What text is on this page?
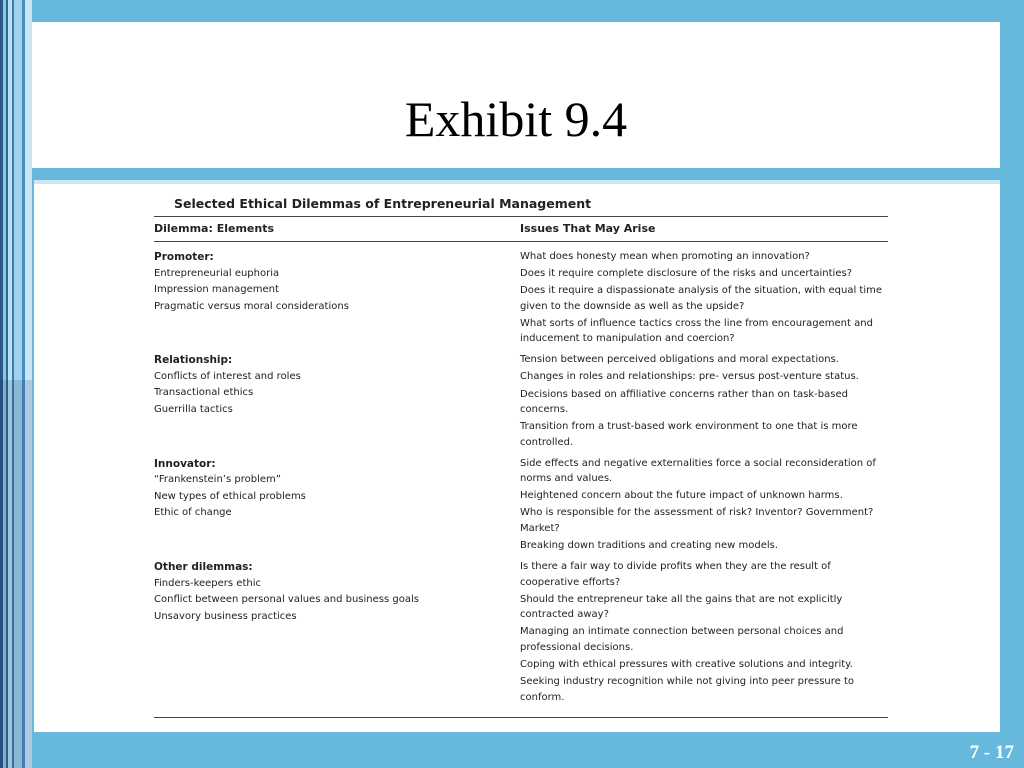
Exhibit 9.4
Selected Ethical Dilemmas of Entrepreneurial Management
Dilemma: Elements	Issues That May Arise
Promoter:
Entrepreneurial euphoria
Impression management
Pragmatic versus moral considerations
What does honesty mean when promoting an innovation?
Does it require complete disclosure of the risks and uncertainties?
Does it require a dispassionate analysis of the situation, with equal time given to the downside as well as the upside?
What sorts of influence tactics cross the line from encouragement and inducement to manipulation and coercion?
Relationship:
Conflicts of interest and roles
Transactional ethics
Guerrilla tactics
Tension between perceived obligations and moral expectations.
Changes in roles and relationships: pre- versus post-venture status.
Decisions based on affiliative concerns rather than on task-based concerns.
Transition from a trust-based work environment to one that is more controlled.
Innovator:
“Frankenstein’s problem”
New types of ethical problems
Ethic of change
Side effects and negative externalities force a social reconsideration of norms and values.
Heightened concern about the future impact of unknown harms.
Who is responsible for the assessment of risk? Inventor? Government? Market?
Breaking down traditions and creating new models.
Other dilemmas:
Finders-keepers ethic
Conflict between personal values and business goals
Unsavory business practices
Is there a fair way to divide profits when they are the result of cooperative efforts?
Should the entrepreneur take all the gains that are not explicitly contracted away?
Managing an intimate connection between personal choices and professional decisions.
Coping with ethical pressures with creative solutions and integrity.
Seeking industry recognition while not giving into peer pressure to conform.
7 - 17
